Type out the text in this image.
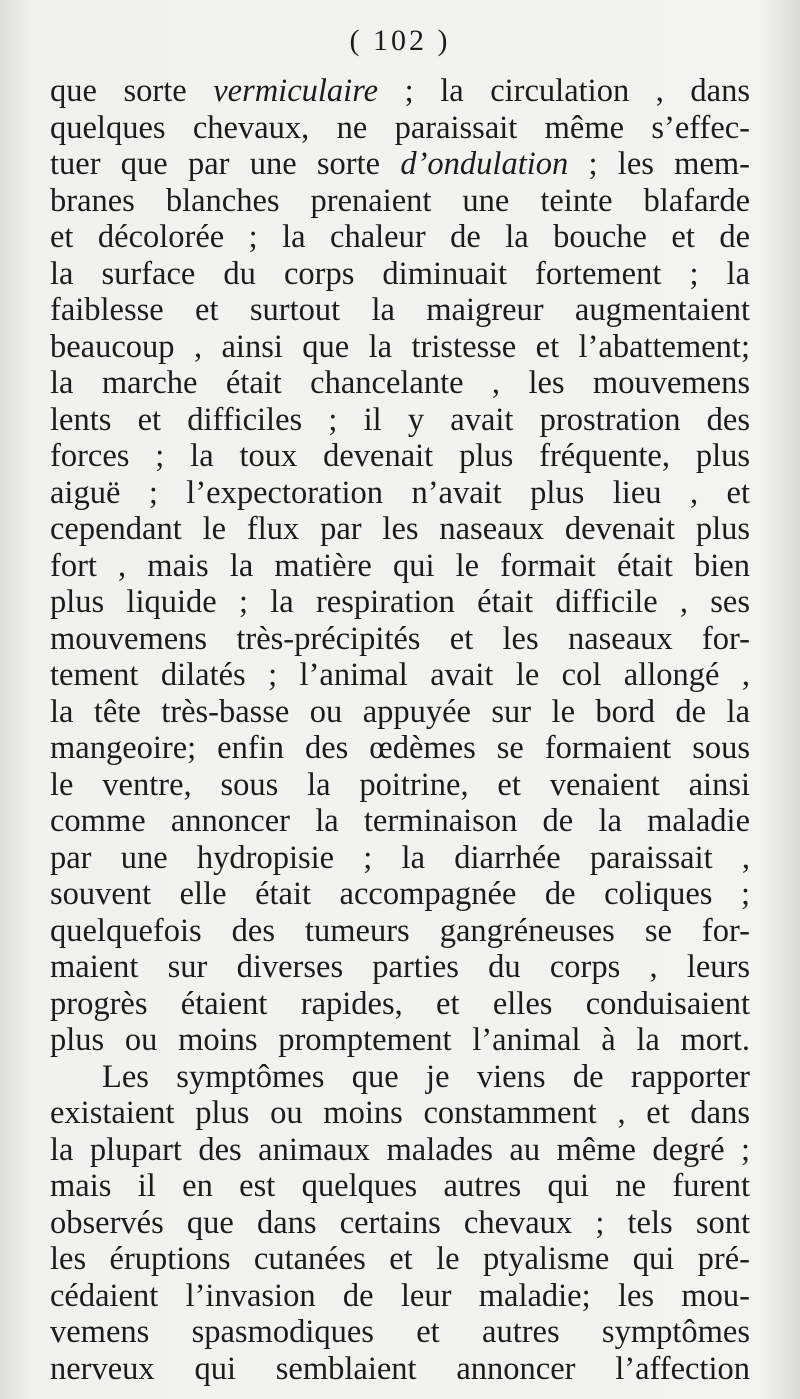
( 102 )
que sorte vermiculaire ; la circulation , dans
quelques chevaux, ne paraissait même s’effec-
tuer que par une sorte d’ondulation ; les mem-
branes blanches prenaient une teinte blafarde
et décolorée ; la chaleur de la bouche et de
la surface du corps diminuait fortement ; la
faiblesse et surtout la maigreur augmentaient
beaucoup , ainsi que la tristesse et l’abattement;
la marche était chancelante , les mouvemens
lents et difficiles ; il y avait prostration des
forces ; la toux devenait plus fréquente, plus
aiguë ; l’expectoration n’avait plus lieu , et
cependant le flux par les naseaux devenait plus
fort , mais la matière qui le formait était bien
plus liquide ; la respiration était difficile , ses
mouvemens très-précipités et les naseaux for-
tement dilatés ; l’animal avait le col allongé ,
la tête très-basse ou appuyée sur le bord de la
mangeoire; enfin des œdèmes se formaient sous
le ventre, sous la poitrine, et venaient ainsi
comme annoncer la terminaison de la maladie
par une hydropisie ; la diarrhée paraissait ,
souvent elle était accompagnée de coliques ;
quelquefois des tumeurs gangréneuses se for-
maient sur diverses parties du corps , leurs
progrès étaient rapides, et elles conduisaient
plus ou moins promptement l’animal à la mort.
Les symptômes que je viens de rapporter
existaient plus ou moins constamment , et dans
la plupart des animaux malades au même degré ;
mais il en est quelques autres qui ne furent
observés que dans certains chevaux ; tels sont
les éruptions cutanées et le ptyalisme qui pré-
cédaient l’invasion de leur maladie; les mou-
vemens spasmodiques et autres symptômes
nerveux qui semblaient annoncer l’affection
